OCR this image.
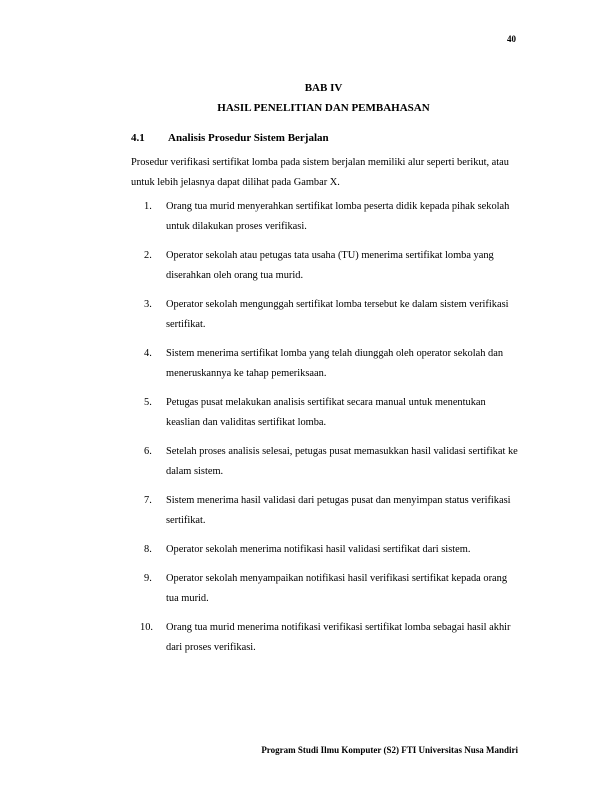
40
BAB IV
HASIL PENELITIAN DAN PEMBAHASAN
4.1 Analisis Prosedur Sistem Berjalan

Prosedur verifikasi sertifikat lomba pada sistem berjalan memiliki alur seperti berikut, atau untuk lebih jelasnya dapat dilihat pada Gambar X.

1. Orang tua murid menyerahkan sertifikat lomba peserta didik kepada pihak sekolah untuk dilakukan proses verifikasi.
2. Operator sekolah atau petugas tata usaha (TU) menerima sertifikat lomba yang diserahkan oleh orang tua murid.
3. Operator sekolah mengunggah sertifikat lomba tersebut ke dalam sistem verifikasi sertifikat.
4. Sistem menerima sertifikat lomba yang telah diunggah oleh operator sekolah dan meneruskannya ke tahap pemeriksaan.
5. Petugas pusat melakukan analisis sertifikat secara manual untuk menentukan keaslian dan validitas sertifikat lomba.
6. Setelah proses analisis selesai, petugas pusat memasukkan hasil validasi sertifikat ke dalam sistem.
7. Sistem menerima hasil validasi dari petugas pusat dan menyimpan status verifikasi sertifikat.
8. Operator sekolah menerima notifikasi hasil validasi sertifikat dari sistem.
9. Operator sekolah menyampaikan notifikasi hasil verifikasi sertifikat kepada orang tua murid.
10. Orang tua murid menerima notifikasi verifikasi sertifikat lomba sebagai hasil akhir dari proses verifikasi.
Program Studi Ilmu Komputer (S2) FTI Universitas Nusa Mandiri
